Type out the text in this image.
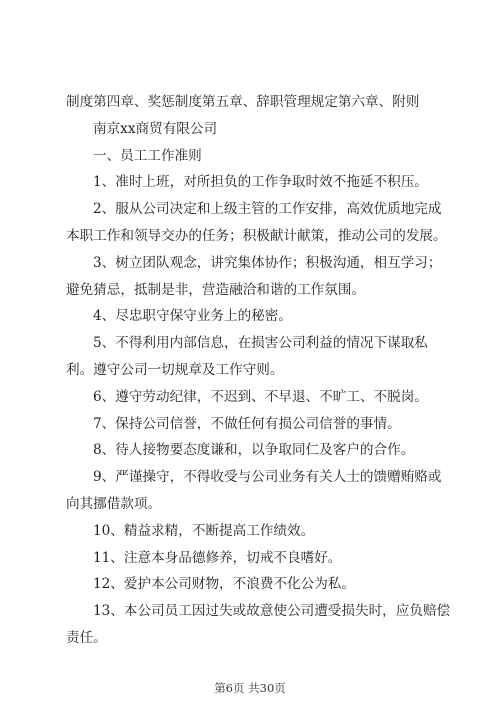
制度第四章、奖惩制度第五章、辞职管理规定第六章、附则

南京xx商贸有限公司

一、员工工作准则

1、准时上班，对所担负的工作争取时效不拖延不积压。

2、服从公司决定和上级主管的工作安排，高效优质地完成本职工作和领导交办的任务；积极献计献策，推动公司的发展。

3、树立团队观念，讲究集体协作；积极沟通，相互学习；避免猜忌，抵制是非，营造融洽和谐的工作氛围。

4、尽忠职守保守业务上的秘密。

5、不得利用内部信息，在损害公司利益的情况下谋取私利。遵守公司一切规章及工作守则。

6、遵守劳动纪律，不迟到、不早退、不旷工、不脱岗。

7、保持公司信誉，不做任何有损公司信誉的事情。

8、待人接物要态度谦和，以争取同仁及客户的合作。

9、严谨操守，不得收受与公司业务有关人士的馈赠贿赂或向其挪借款项。

10、精益求精，不断提高工作绩效。

11、注意本身品德修养，切戒不良嗜好。

12、爱护本公司财物，不浪费不化公为私。

13、本公司员工因过失或故意使公司遭受损失时，应负赔偿责任。

第6页 共30页
